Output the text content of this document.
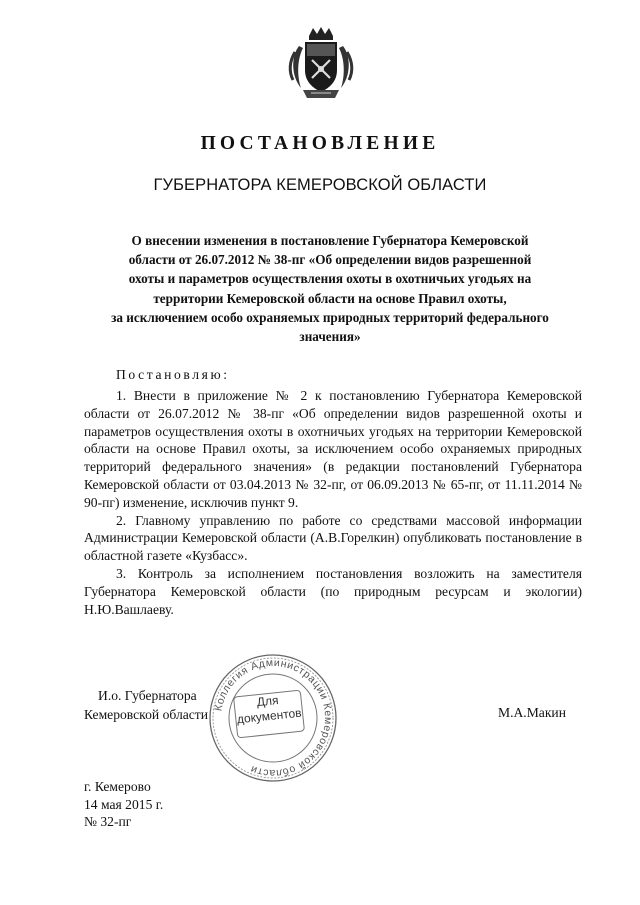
ПОСТАНОВЛЕНИЕ
ГУБЕРНАТОРА КЕМЕРОВСКОЙ ОБЛАСТИ
О внесении изменения в постановление Губернатора Кемеровской
области от 26.07.2012 № 38-пг «Об определении видов разрешенной
охоты и параметров осуществления охоты в охотничьих угодьях на
территории Кемеровской области на основе Правил охоты,
за исключением особо охраняемых природных территорий федерального
значения»
Постановляю:

1. Внести в приложение № 2 к постановлению Губернатора Кемеровской области от 26.07.2012 № 38-пг «Об определении видов разрешенной охоты и параметров осуществления охоты в охотничьих угодьях на территории Кемеровской области на основе Правил охоты, за исключением особо охраняемых природных территорий федерального значения» (в редакции постановлений Губернатора Кемеровской области от 03.04.2013 № 32-пг, от 06.09.2013 № 65-пг, от 11.11.2014 № 90-пг) изменение, исключив пункт 9.

2. Главному управлению по работе со средствами массовой информации Администрации Кемеровской области (А.В.Горелкин) опубликовать постановление в областной газете «Кузбасс».

3. Контроль за исполнением постановления возложить на заместителя Губернатора Кемеровской области (по природным ресурсам и экологии) Н.Ю.Вашлаеву.

И.о. Губернатора
Кемеровской области Коллегия Администрации Кемеровской области
Для
документов	М.А.Макин
г. Кемерово
14 мая 2015 г.
№ 32-пг
